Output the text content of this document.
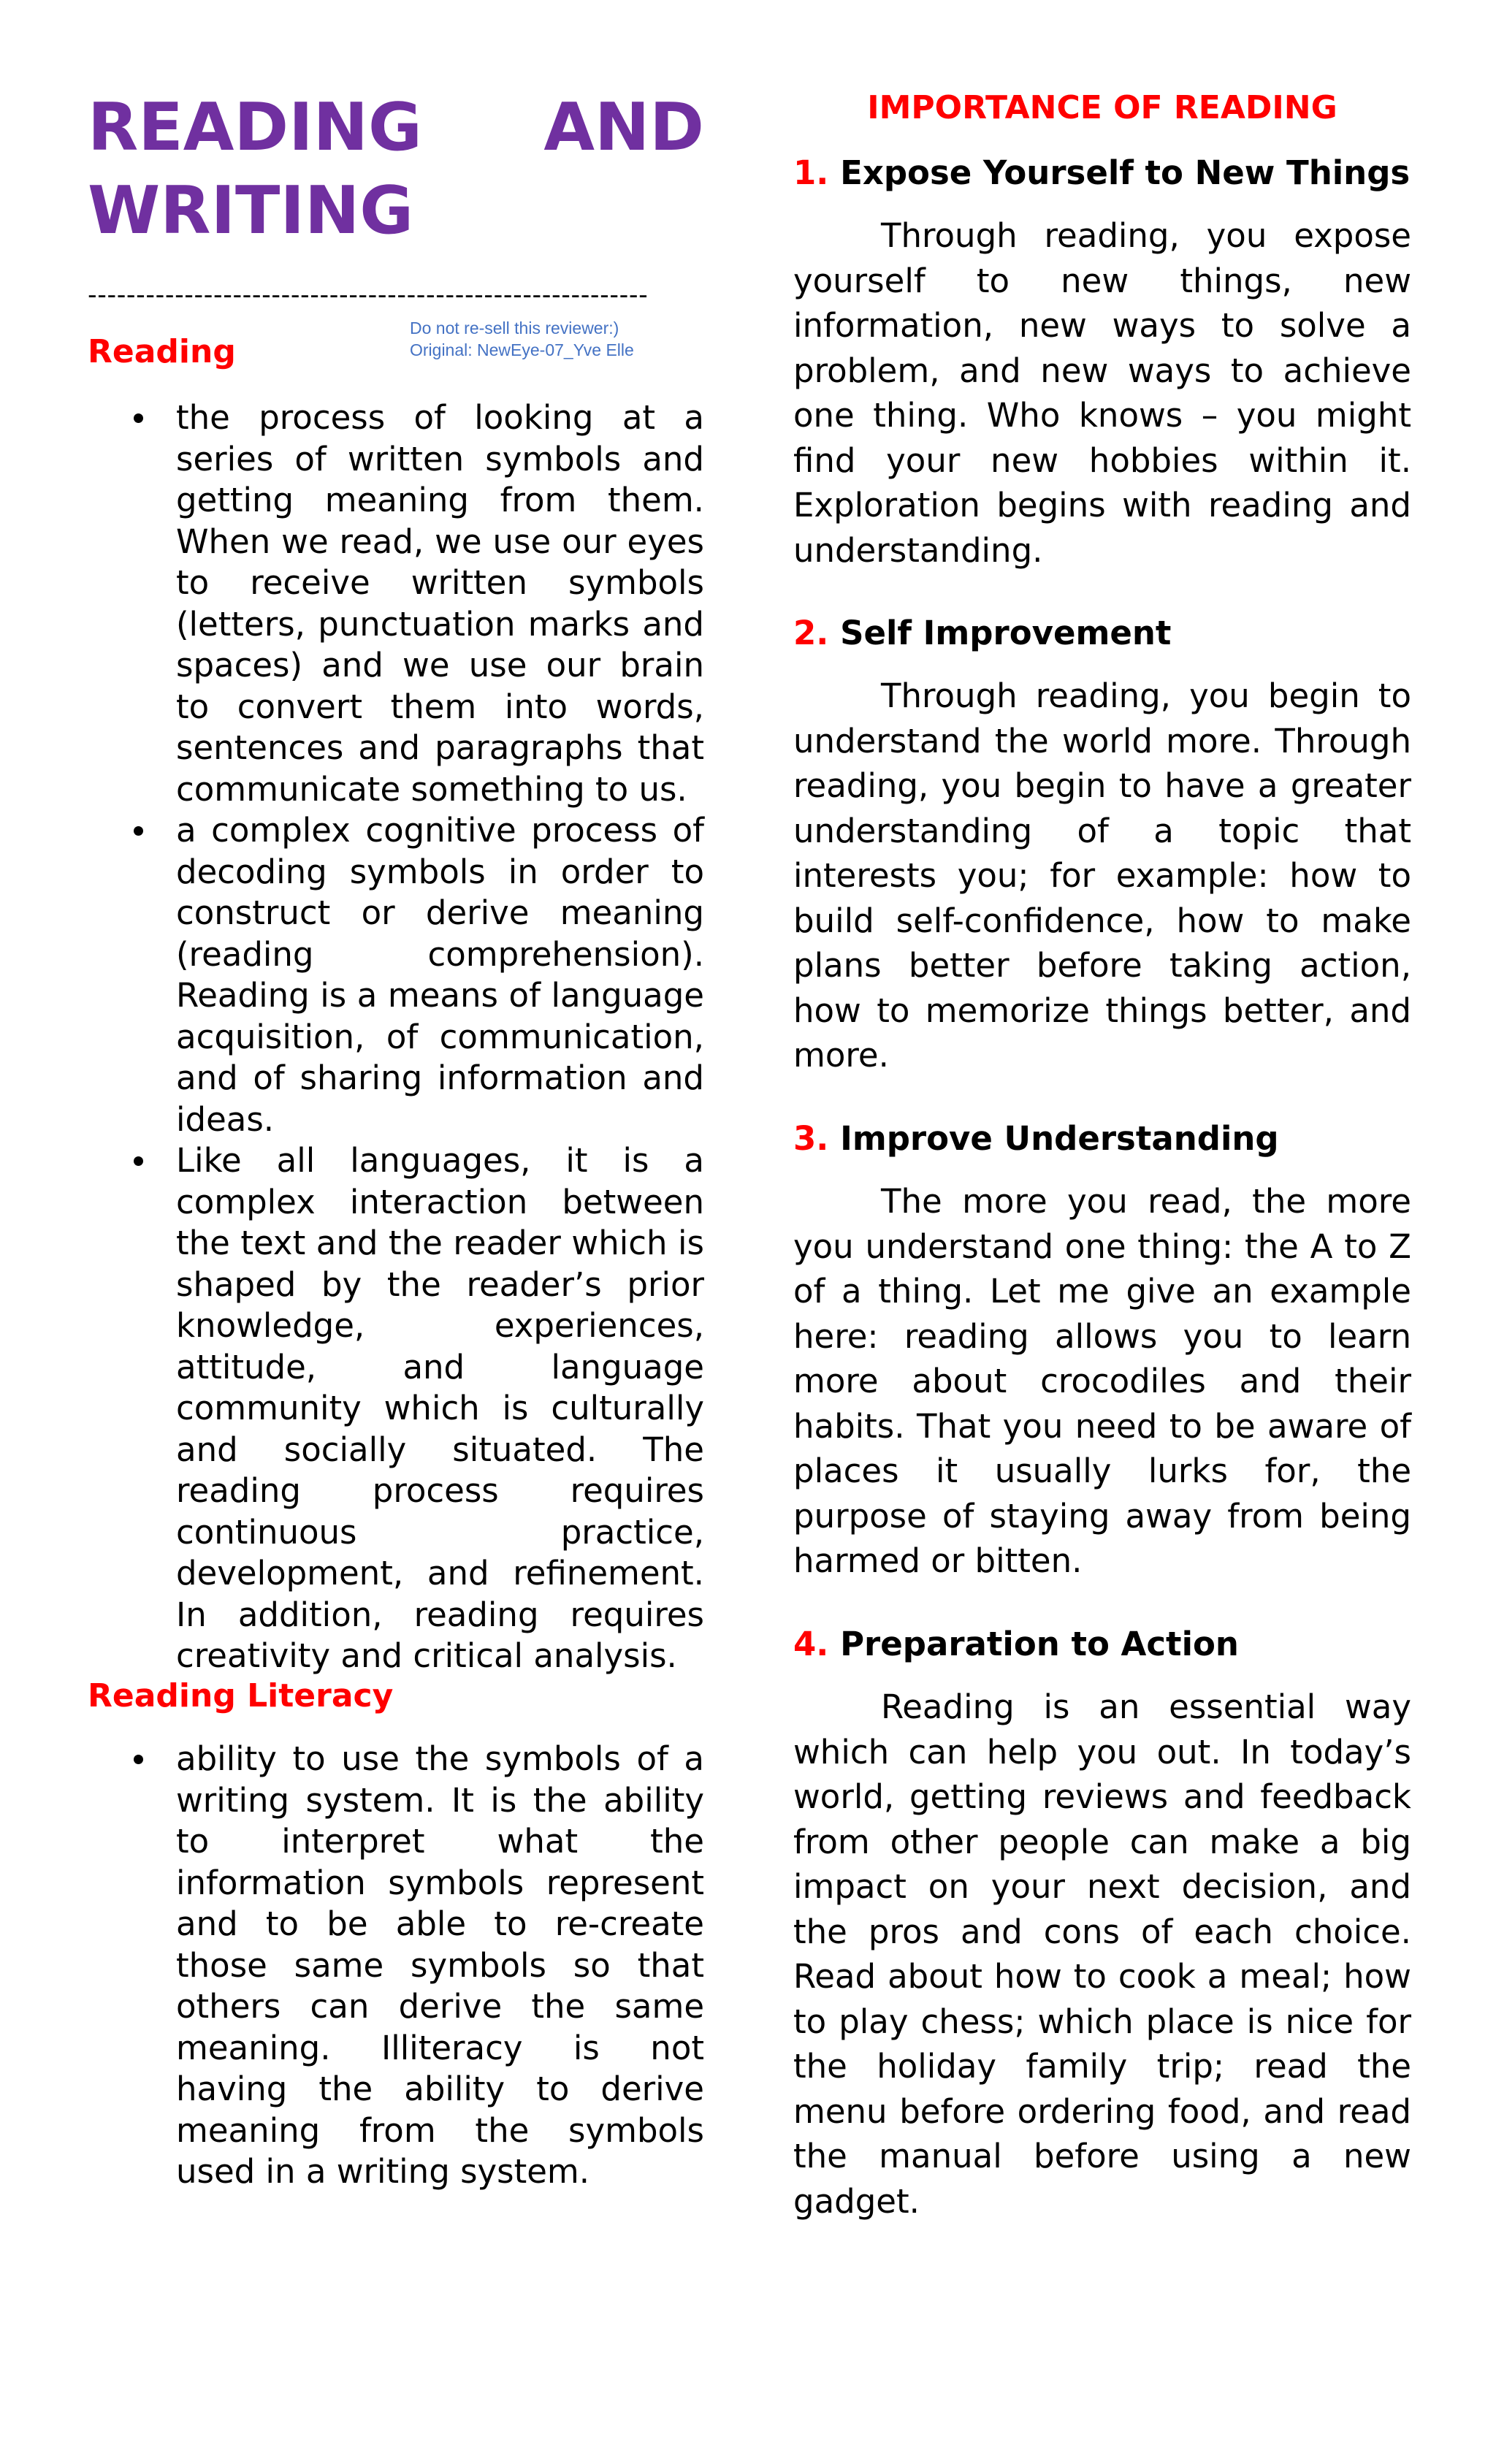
READING AND
WRITING
----------------------------------------------------------
Do not re-sell this reviewer:)
Original: NewEye-07_Yve Elle
Reading
the process of looking at a series of written symbols and getting meaning from them. When we read, we use our eyes to receive written symbols (letters, punctuation marks and spaces) and we use our brain to convert them into words, sentences and paragraphs that communicate something to us.
a complex cognitive process of decoding symbols in order to construct or derive meaning (reading comprehension). Reading is a means of language acquisition, of communication, and of sharing information and ideas.
Like all languages, it is a complex interaction between the text and the reader which is shaped by the reader’s prior knowledge, experiences, attitude, and language community which is culturally and socially situated. The reading process requires continuous practice, development, and refinement. In addition, reading requires creativity and critical analysis.
Reading Literacy
ability to use the symbols of a writing system. It is the ability to interpret what the information symbols represent and to be able to re-create those same symbols so that others can derive the same meaning. Illiteracy is not having the ability to derive meaning from the symbols used in a writing system.
IMPORTANCE OF READING
1. Expose Yourself to New Things

Through reading, you expose yourself to new things, new information, new ways to solve a problem, and new ways to achieve one thing. Who knows – you might find your new hobbies within it. Exploration begins with reading and understanding.

2. Self Improvement

Through reading, you begin to understand the world more. Through reading, you begin to have a greater understanding of a topic that interests you; for example: how to build self-confidence, how to make plans better before taking action, how to memorize things better, and more.

3. Improve Understanding

The more you read, the more you understand one thing: the A to Z of a thing. Let me give an example here: reading allows you to learn more about crocodiles and their habits. That you need to be aware of places it usually lurks for, the purpose of staying away from being harmed or bitten.

4. Preparation to Action

Reading is an essential way which can help you out. In today’s world, getting reviews and feedback from other people can make a big impact on your next decision, and the pros and cons of each choice. Read about how to cook a meal; how to play chess; which place is nice for the holiday family trip; read the menu before ordering food, and read the manual before using a new gadget.
